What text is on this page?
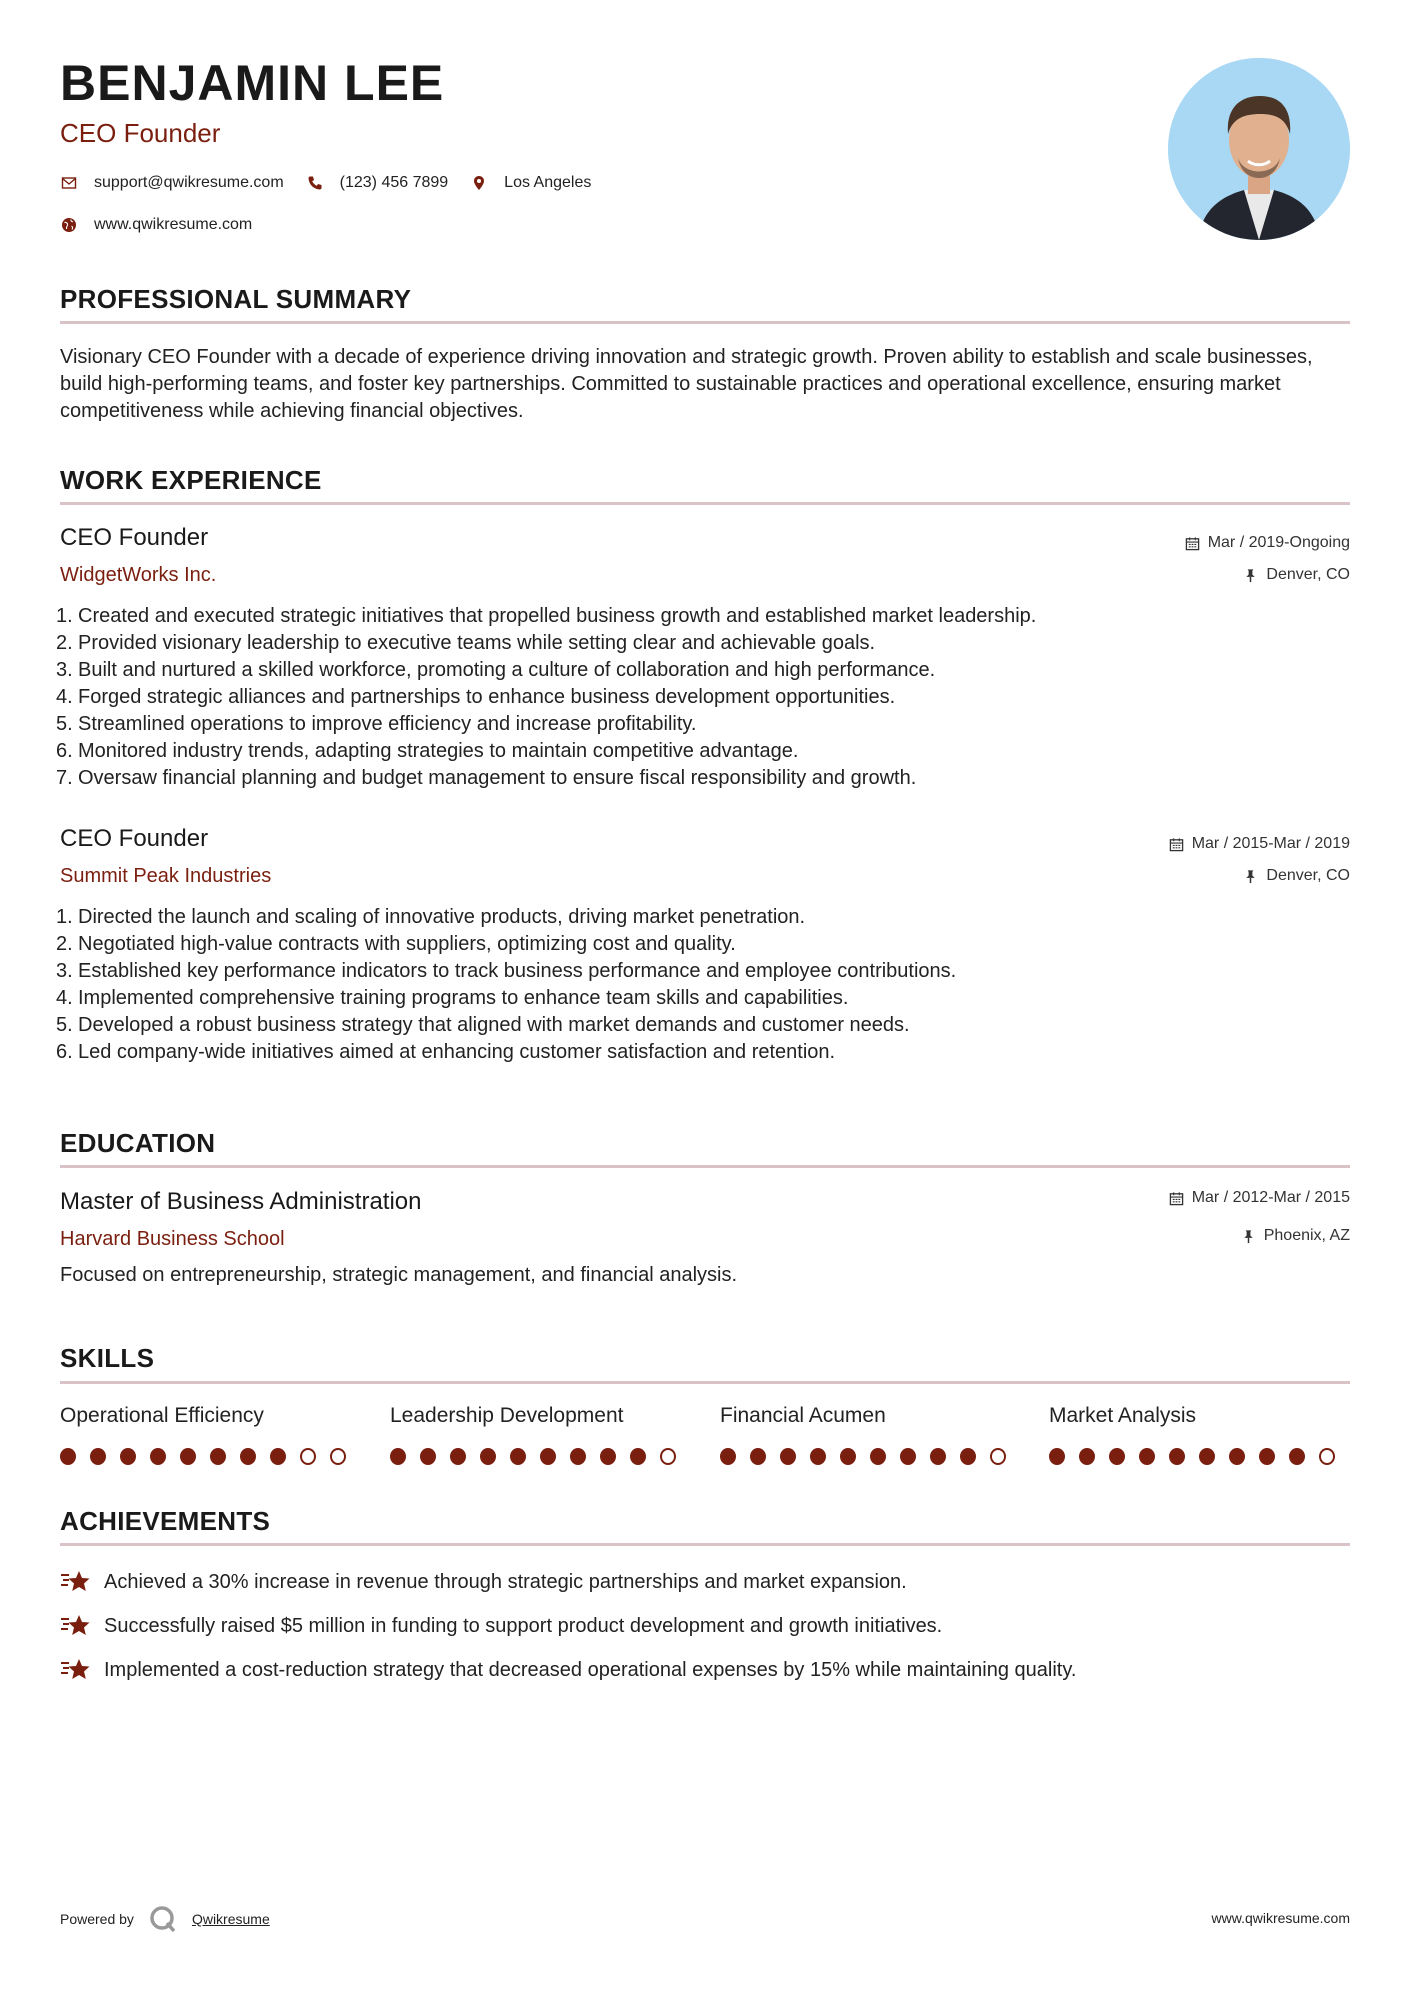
BENJAMIN LEE
CEO Founder
support@qwikresume.com	(123) 456 7899	Los Angeles
www.qwikresume.com
PROFESSIONAL SUMMARY
Visionary CEO Founder with a decade of experience driving innovation and strategic growth. Proven ability to establish and scale businesses, build high-performing teams, and foster key partnerships. Committed to sustainable practices and operational excellence, ensuring market competitiveness while achieving financial objectives.
WORK EXPERIENCE
CEO Founder
WidgetWorks Inc.
Mar / 2019-Ongoing
Denver, CO
1. Created and executed strategic initiatives that propelled business growth and established market leadership.
2. Provided visionary leadership to executive teams while setting clear and achievable goals.
3. Built and nurtured a skilled workforce, promoting a culture of collaboration and high performance.
4. Forged strategic alliances and partnerships to enhance business development opportunities.
5. Streamlined operations to improve efficiency and increase profitability.
6. Monitored industry trends, adapting strategies to maintain competitive advantage.
7. Oversaw financial planning and budget management to ensure fiscal responsibility and growth.
CEO Founder
Summit Peak Industries
Mar / 2015-Mar / 2019
Denver, CO
1. Directed the launch and scaling of innovative products, driving market penetration.
2. Negotiated high-value contracts with suppliers, optimizing cost and quality.
3. Established key performance indicators to track business performance and employee contributions.
4. Implemented comprehensive training programs to enhance team skills and capabilities.
5. Developed a robust business strategy that aligned with market demands and customer needs.
6. Led company-wide initiatives aimed at enhancing customer satisfaction and retention.
EDUCATION
Master of Business Administration
Harvard Business School
Mar / 2012-Mar / 2015
Phoenix, AZ
Focused on entrepreneurship, strategic management, and financial analysis.
SKILLS
Operational Efficiency	Leadership Development	Financial Acumen	Market Analysis
ACHIEVEMENTS
Achieved a 30% increase in revenue through strategic partnerships and market expansion.
Successfully raised $5 million in funding to support product development and growth initiatives.
Implemented a cost-reduction strategy that decreased operational expenses by 15% while maintaining quality.
Powered by	Qwikresume	www.qwikresume.com
